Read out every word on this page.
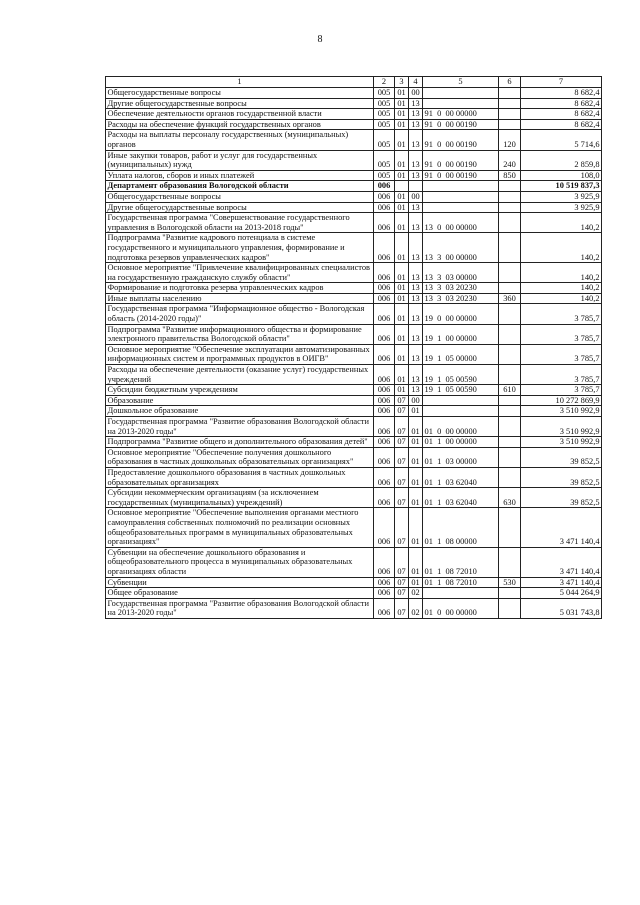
8
1	2	3	4	5	6	7
Общегосударственные вопросы	005	01	00			8 682,4
Другие общегосударственные вопросы	005	01	13			8 682,4
Обеспечение деятельности органов государственной власти	005	01	13	91  0  00 00000		8 682,4
Расходы на обеспечение функций государственных органов	005	01	13	91  0  00 00190		8 682,4
Расходы на выплаты персоналу государственных (муниципальных) органов	005	01	13	91  0  00 00190	120	5 714,6
Иные закупки товаров, работ и услуг для государственных (муниципальных) нужд	005	01	13	91  0  00 00190	240	2 859,8
Уплата налогов, сборов и иных платежей	005	01	13	91  0  00 00190	850	108,0
Департамент образования Вологодской области	006					10 519 837,3
Общегосударственные вопросы	006	01	00			3 925,9
Другие общегосударственные вопросы	006	01	13			3 925,9
Государственная программа "Совершенствование государственного управления в Вологодской области на 2013-2018 годы"	006	01	13	13  0  00 00000		140,2
Подпрограмма "Развитие кадрового потенциала в системе государственного и муниципального управления, формирование и подготовка резервов управленческих кадров"	006	01	13	13  3  00 00000		140,2
Основное мероприятие "Привлечение квалифицированных специалистов на государственную гражданскую службу области"	006	01	13	13  3  03 00000		140,2
Формирование и подготовка резерва управленческих кадров	006	01	13	13  3  03 20230		140,2
Иные выплаты населению	006	01	13	13  3  03 20230	360	140,2
Государственная программа "Информационное общество - Вологодская область (2014-2020 годы)"	006	01	13	19  0  00 00000		3 785,7
Подпрограмма "Развитие информационного общества и формирование электронного правительства Вологодской области"	006	01	13	19  1  00 00000		3 785,7
Основное мероприятие "Обеспечение эксплуатации автоматизированных информационных систем и программных продуктов в ОИГВ"	006	01	13	19  1  05 00000		3 785,7
Расходы на обеспечение деятельности (оказание услуг) государственных учреждений	006	01	13	19  1  05 00590		3 785,7
Субсидии бюджетным учреждениям	006	01	13	19  1  05 00590	610	3 785,7
Образование	006	07	00			10 272 869,9
Дошкольное образование	006	07	01			3 510 992,9
Государственная программа "Развитие образования Вологодской области на 2013-2020 годы"	006	07	01	01  0  00 00000		3 510 992,9
Подпрограмма "Развитие общего и дополнительного образования детей"	006	07	01	01  1  00 00000		3 510 992,9
Основное мероприятие "Обеспечение получения дошкольного образования в частных дошкольных образовательных организациях"	006	07	01	01  1  03 00000		39 852,5
Предоставление дошкольного образования в частных дошкольных образовательных организациях	006	07	01	01  1  03 62040		39 852,5
Субсидии некоммерческим организациям (за исключением государственных (муниципальных) учреждений)	006	07	01	01  1  03 62040	630	39 852,5
Основное мероприятие "Обеспечение выполнения органами местного самоуправления собственных полномочий по реализации основных общеобразовательных программ в муниципальных образовательных организациях"	006	07	01	01  1  08 00000		3 471 140,4
Субвенции на обеспечение дошкольного образования и общеобразовательного процесса в муниципальных образовательных организациях области	006	07	01	01  1  08 72010		3 471 140,4
Субвенции	006	07	01	01  1  08 72010	530	3 471 140,4
Общее образование	006	07	02			5 044 264,9
Государственная программа "Развитие образования Вологодской области на 2013-2020 годы"	006	07	02	01  0  00 00000		5 031 743,8
